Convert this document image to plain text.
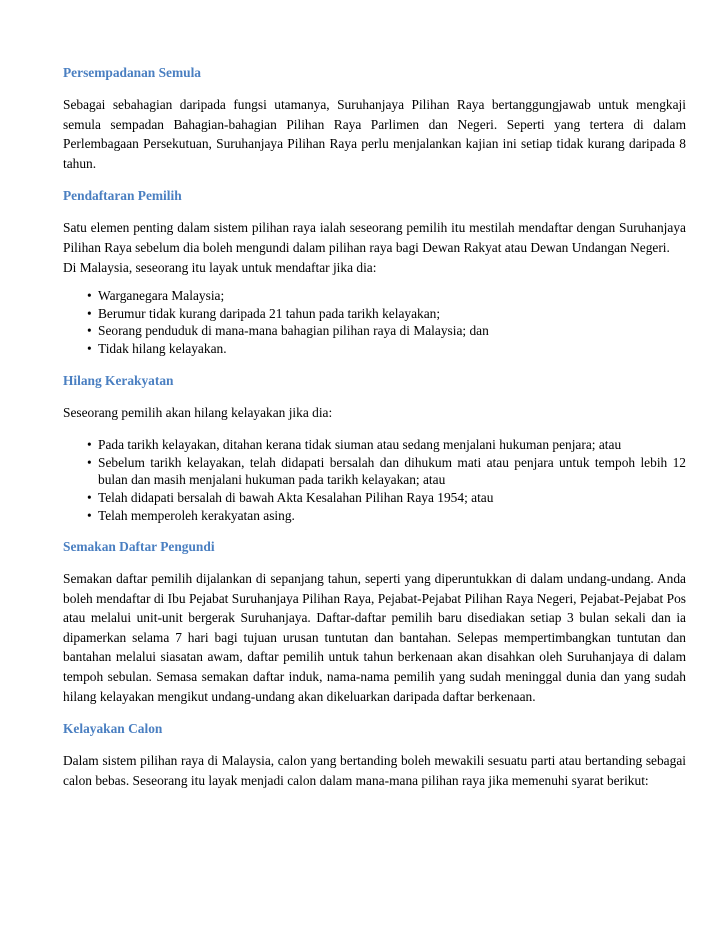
Persempadanan Semula

Sebagai sebahagian daripada fungsi utamanya, Suruhanjaya Pilihan Raya bertanggungjawab untuk mengkaji semula sempadan Bahagian-bahagian Pilihan Raya Parlimen dan Negeri. Seperti yang tertera di dalam Perlembagaan Persekutuan, Suruhanjaya Pilihan Raya perlu menjalankan kajian ini setiap tidak kurang daripada 8 tahun.

Pendaftaran Pemilih

Satu elemen penting dalam sistem pilihan raya ialah seseorang pemilih itu mestilah mendaftar dengan Suruhanjaya Pilihan Raya sebelum dia boleh mengundi dalam pilihan raya bagi Dewan Rakyat atau Dewan Undangan Negeri.

Di Malaysia, seseorang itu layak untuk mendaftar jika dia:

• Warganegara Malaysia;
• Berumur tidak kurang daripada 21 tahun pada tarikh kelayakan;
• Seorang penduduk di mana-mana bahagian pilihan raya di Malaysia; dan
• Tidak hilang kelayakan.
Hilang Kerakyatan

Seseorang pemilih akan hilang kelayakan jika dia:

• Pada tarikh kelayakan, ditahan kerana tidak siuman atau sedang menjalani hukuman penjara; atau
• Sebelum tarikh kelayakan, telah didapati bersalah dan dihukum mati atau penjara untuk tempoh lebih 12 bulan dan masih menjalani hukuman pada tarikh kelayakan; atau
• Telah didapati bersalah di bawah Akta Kesalahan Pilihan Raya 1954; atau
• Telah memperoleh kerakyatan asing.
Semakan Daftar Pengundi

Semakan daftar pemilih dijalankan di sepanjang tahun, seperti yang diperuntukkan di dalam undang-undang. Anda boleh mendaftar di Ibu Pejabat Suruhanjaya Pilihan Raya, Pejabat-Pejabat Pilihan Raya Negeri, Pejabat-Pejabat Pos atau melalui unit-unit bergerak Suruhanjaya. Daftar-daftar pemilih baru disediakan setiap 3 bulan sekali dan ia dipamerkan selama 7 hari bagi tujuan urusan tuntutan dan bantahan. Selepas mempertimbangkan tuntutan dan bantahan melalui siasatan awam, daftar pemilih untuk tahun berkenaan akan disahkan oleh Suruhanjaya di dalam tempoh sebulan. Semasa semakan daftar induk, nama-nama pemilih yang sudah meninggal dunia dan yang sudah hilang kelayakan mengikut undang-undang akan dikeluarkan daripada daftar berkenaan.

Kelayakan Calon

Dalam sistem pilihan raya di Malaysia, calon yang bertanding boleh mewakili sesuatu parti atau bertanding sebagai calon bebas. Seseorang itu layak menjadi calon dalam mana-mana pilihan raya jika memenuhi syarat berikut:
